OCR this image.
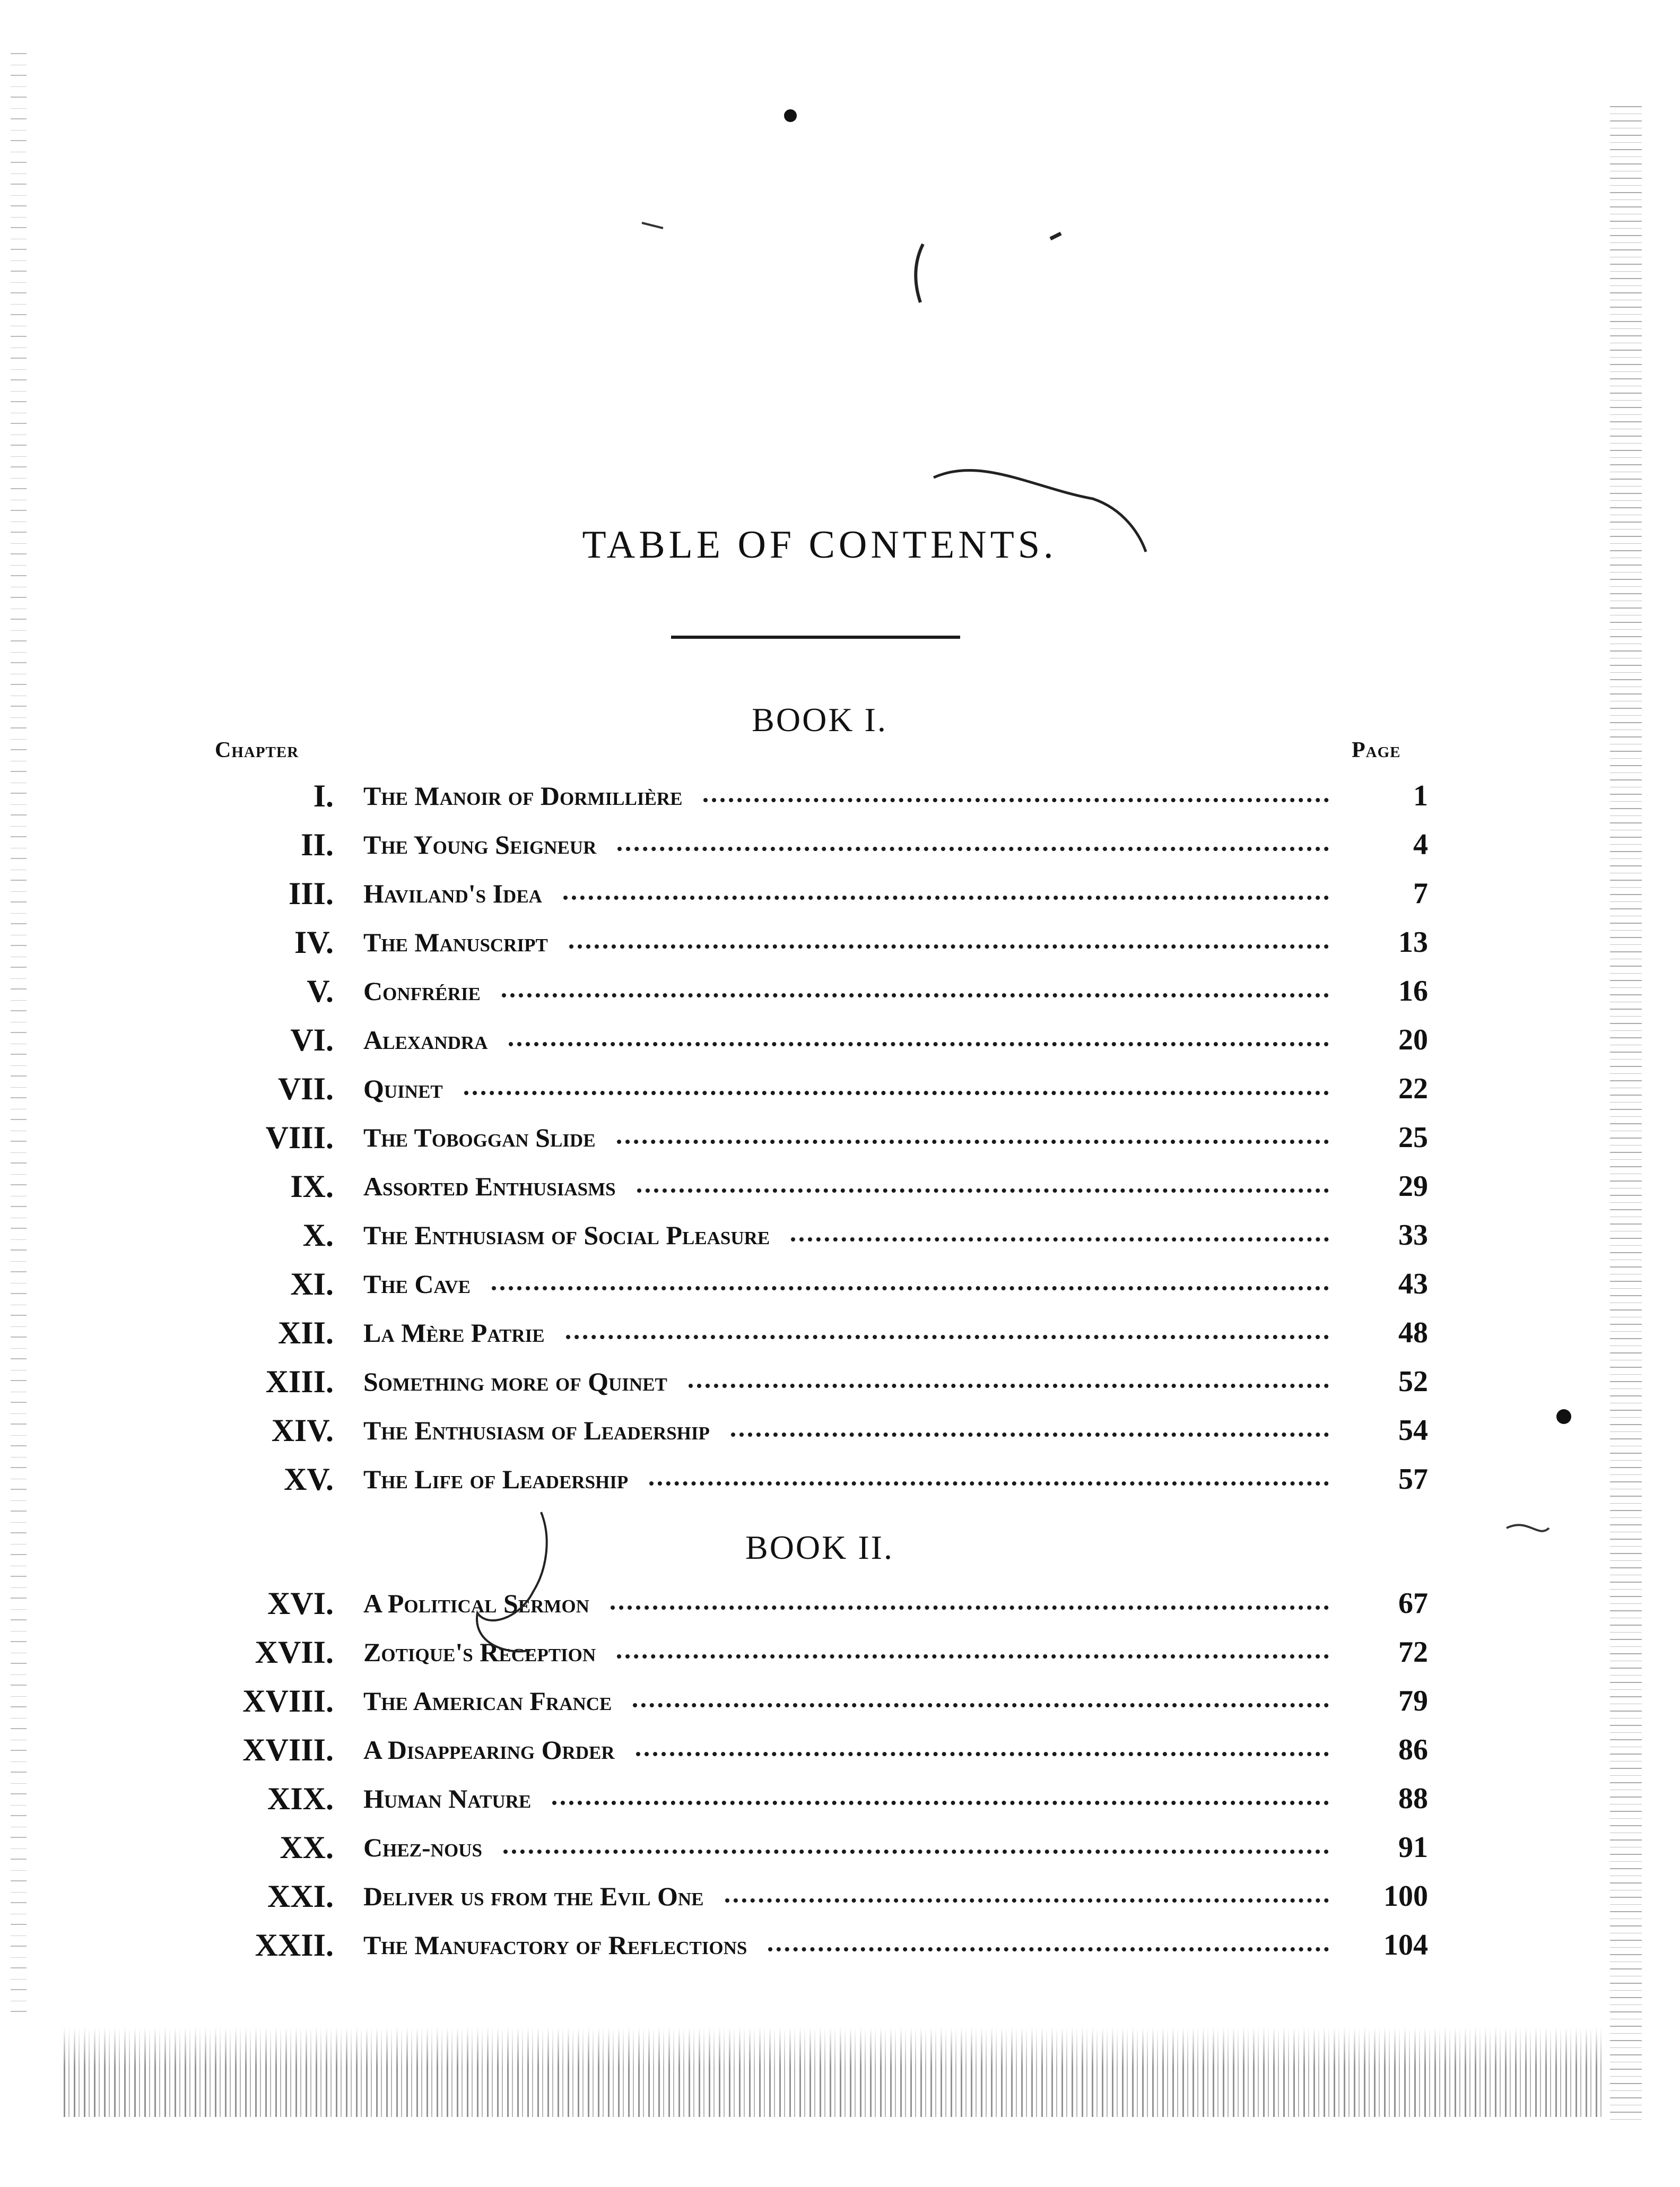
TABLE OF CONTENTS.
BOOK I.
Chapter	Page
I. The Manoir of Dormillière	1
II. The Young Seigneur	4
III. Haviland's Idea	7
IV. The Manuscript	13
V. Confrérie	16
VI. Alexandra	20
VII. Quinet	22
VIII. The Toboggan Slide	25
IX. Assorted Enthusiasms	29
X. The Enthusiasm of Social Pleasure	33
XI. The Cave	43
XII. La Mère Patrie	48
XIII. Something more of Quinet	52
XIV. The Enthusiasm of Leadership	54
XV. The Life of Leadership	57
BOOK II.
XVI. A Political Sermon	67
XVII. Zotique's Reception	72
XVIII. The American France	79
XVIII. A Disappearing Order	86
XIX. Human Nature	88
XX. Chez-nous	91
XXI. Deliver us from the Evil One	100
XXII. The Manufactory of Reflections	104
